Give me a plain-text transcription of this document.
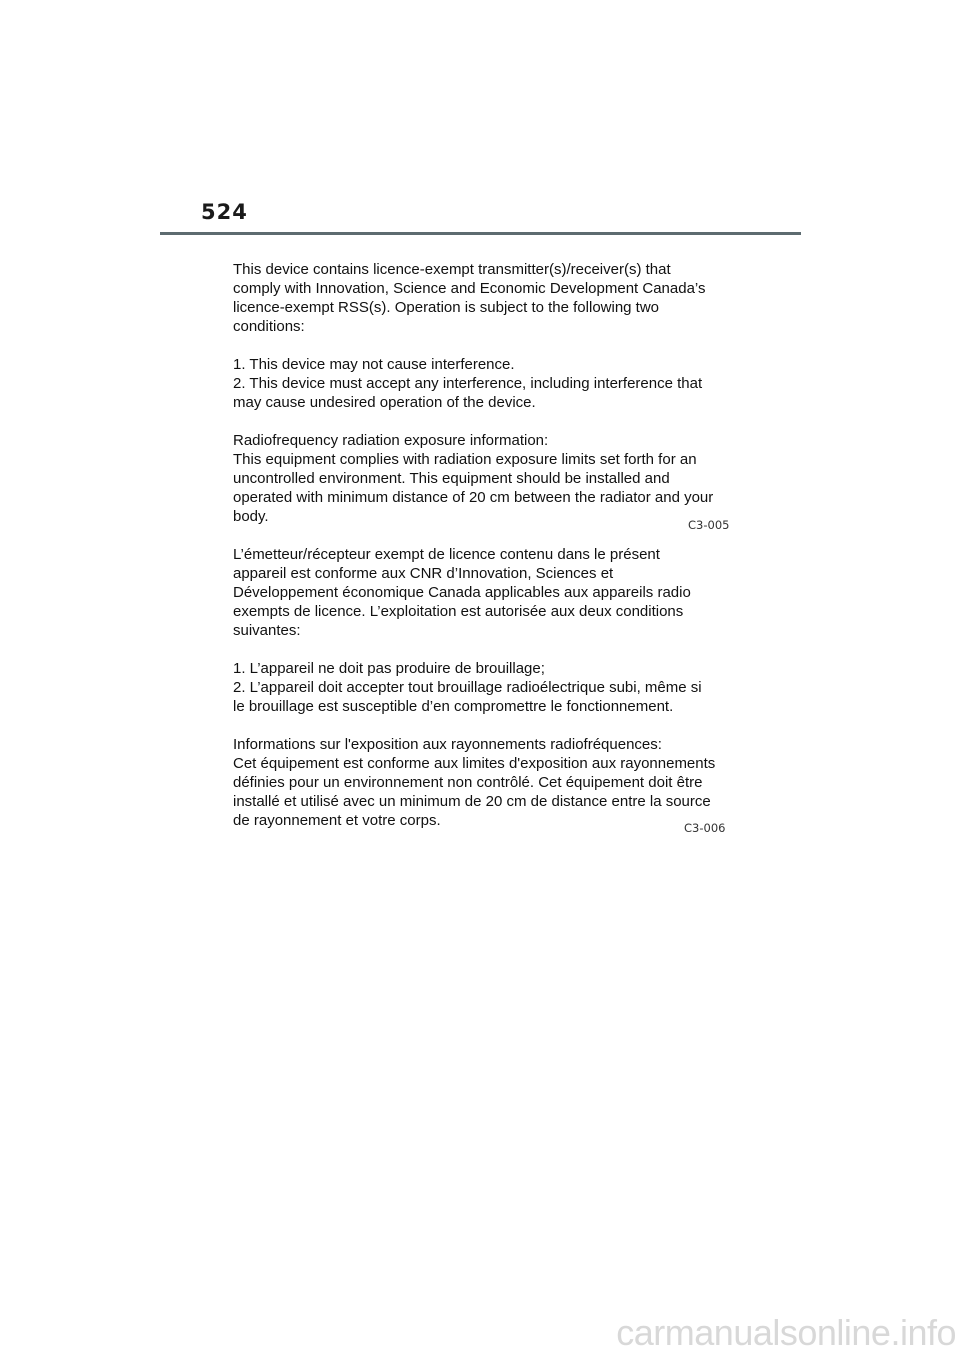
524
This device contains licence-exempt transmitter(s)/receiver(s) that
comply with Innovation, Science and Economic Development Canada’s
licence-exempt RSS(s). Operation is subject to the following two
conditions:
1. This device may not cause interference.
2. This device must accept any interference, including interference that
may cause undesired operation of the device.
Radiofrequency radiation exposure information:
This equipment complies with radiation exposure limits set forth for an
uncontrolled environment. This equipment should be installed and
operated with minimum distance of 20 cm between the radiator and your
body.
L’émetteur/récepteur exempt de licence contenu dans le présent
appareil est conforme aux CNR d’Innovation, Sciences et
Développement économique Canada applicables aux appareils radio
exempts de licence. L’exploitation est autorisée aux deux conditions
suivantes:
1. L’appareil ne doit pas produire de brouillage;
2. L’appareil doit accepter tout brouillage radioélectrique subi, même si
le brouillage est susceptible d’en compromettre le fonctionnement.
Informations sur l'exposition aux rayonnements radiofréquences:
Cet équipement est conforme aux limites d'exposition aux rayonnements
définies pour un environnement non contrôlé. Cet équipement doit être
installé et utilisé avec un minimum de 20 cm de distance entre la source
de rayonnement et votre corps.
C3-005
C3-006
carmanualsonline.info
